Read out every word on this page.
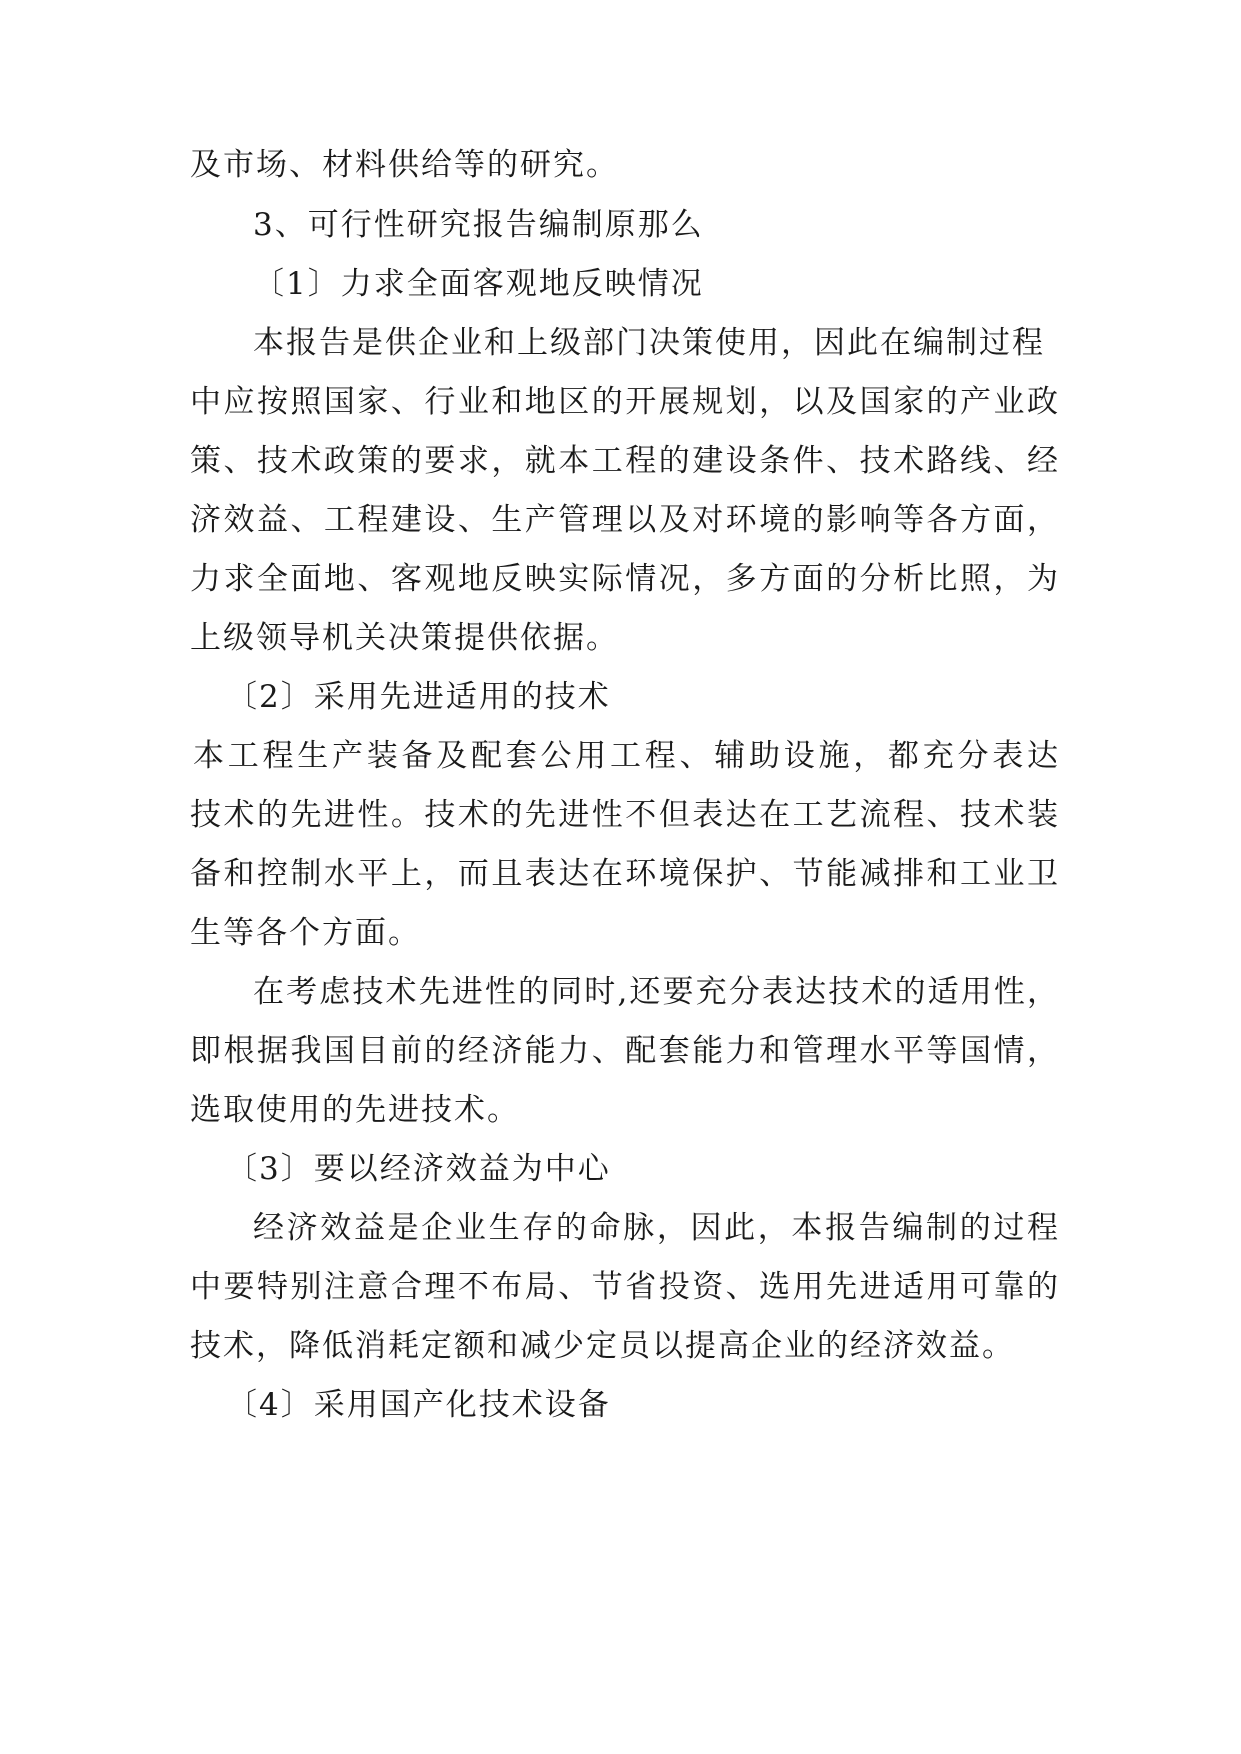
及市场、材料供给等的研究。
3、可行性研究报告编制原那么
〔1〕力求全面客观地反映情况
本报告是供企业和上级部门决策使用，因此在编制过程
中应按照国家、行业和地区的开展规划，以及国家的产业政
策、技术政策的要求，就本工程的建设条件、技术路线、经
济效益、工程建设、生产管理以及对环境的影响等各方面，
力求全面地、客观地反映实际情况，多方面的分析比照，为
上级领导机关决策提供依据。
〔2〕采用先进适用的技术
本工程生产装备及配套公用工程、辅助设施，都充分表达
技术的先进性。技术的先进性不但表达在工艺流程、技术装
备和控制水平上，而且表达在环境保护、节能减排和工业卫
生等各个方面。
在考虑技术先进性的同时,还要充分表达技术的适用性，
即根据我国目前的经济能力、配套能力和管理水平等国情，
选取使用的先进技术。
〔3〕要以经济效益为中心
经济效益是企业生存的命脉，因此，本报告编制的过程
中要特别注意合理不布局、节省投资、选用先进适用可靠的
技术，降低消耗定额和减少定员以提高企业的经济效益。
〔4〕采用国产化技术设备
